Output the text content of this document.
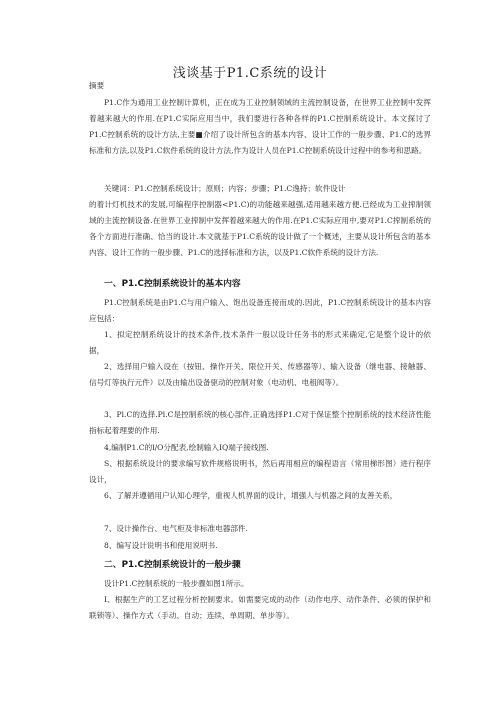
浅谈基于P1.C系统的设计

摘要

P1.C作为通用工业控制计算机，正在成为工业控制领域的主流控制设备，在世界工业控制中发挥着越来越大的作用.在P1.C实际应用当中，我们要进行各种各样的P1.C控制系统设计。本文探讨了P1.C控制系统的设计方法,主要■介绍了设计所包含的基本内容、设计工作的一般步骤、P1.C的选界标准和方法,以及P1.C软件系统的设计方法,作为设计人员在P1.C控制系统设计过程中的参考和思路。

关键词：P1.C控制系统设计；原则；内容；步骤；P1.C逸持；软件设计

的着计灯机技术的发展,可编程序控制器<P1.C)的功能越来越强,适用越来越方便.已经成为工业搾制领域的主流控制设备.在世界工业搾制中发挥着越来越大的作用.在P1.C实际应用中,要对P1.C搾制系统的各个方面进行准确、恰当的设计.本文就基于P1.C系统的设计做了一个概述，主要从设计所包含的基本内容、设计工作的一般步骤、P1.C的选择标准和方法，以及P1.C软件系统的设计方法.

一、P1.C控制系统设计的基本内容

P1.C控制系统是由P1.C与用户输入、饱出设备连接而成的.因此，P1.C控制系统设计的基本内容应包括：

1、拟定控制系统设计的技术条件,技术条件一般以设计任务书的形式来确定,它是整个设计的依据，

2、选择用户输入设在（按钮、操作开关、限位开关、传感器等）、输入设备（继电器、接触器、信号灯等执行元件）以及由输出设备驱动的控制对象（电动机、电租阀等）。

3、Pl.C的选择.Pl.C是控制系统的核心部件,正确选择P1.C对于保证整个控制系统的技术经济性能指标起着理要的作用.

4,编制P1.C的l/O分配表,绘制输入IQ端子接线图.

S、根据系统设计的要求编写软件规格说明书，然后再用相应的编程语言（常用梯形图）进行程序设计，

6、了解并遵循用户认知心理学，重视人机界面的设计，增强人与机器之间的友善关系，

7、设计操作台、电气柜及非标准电器部件.

8、编写设计说明书和使用说明书.

二、P1.C控制系统设计的一般步骤

设计P1.C控制系统的一般步骤如图1所示。

I、根据生产的工艺过程分析控制要求。如需要完成的动作（动作电序、动作条件、必须的保护和联锁等）、操作方式（手动、自动；连续、单周期、单步等）。
